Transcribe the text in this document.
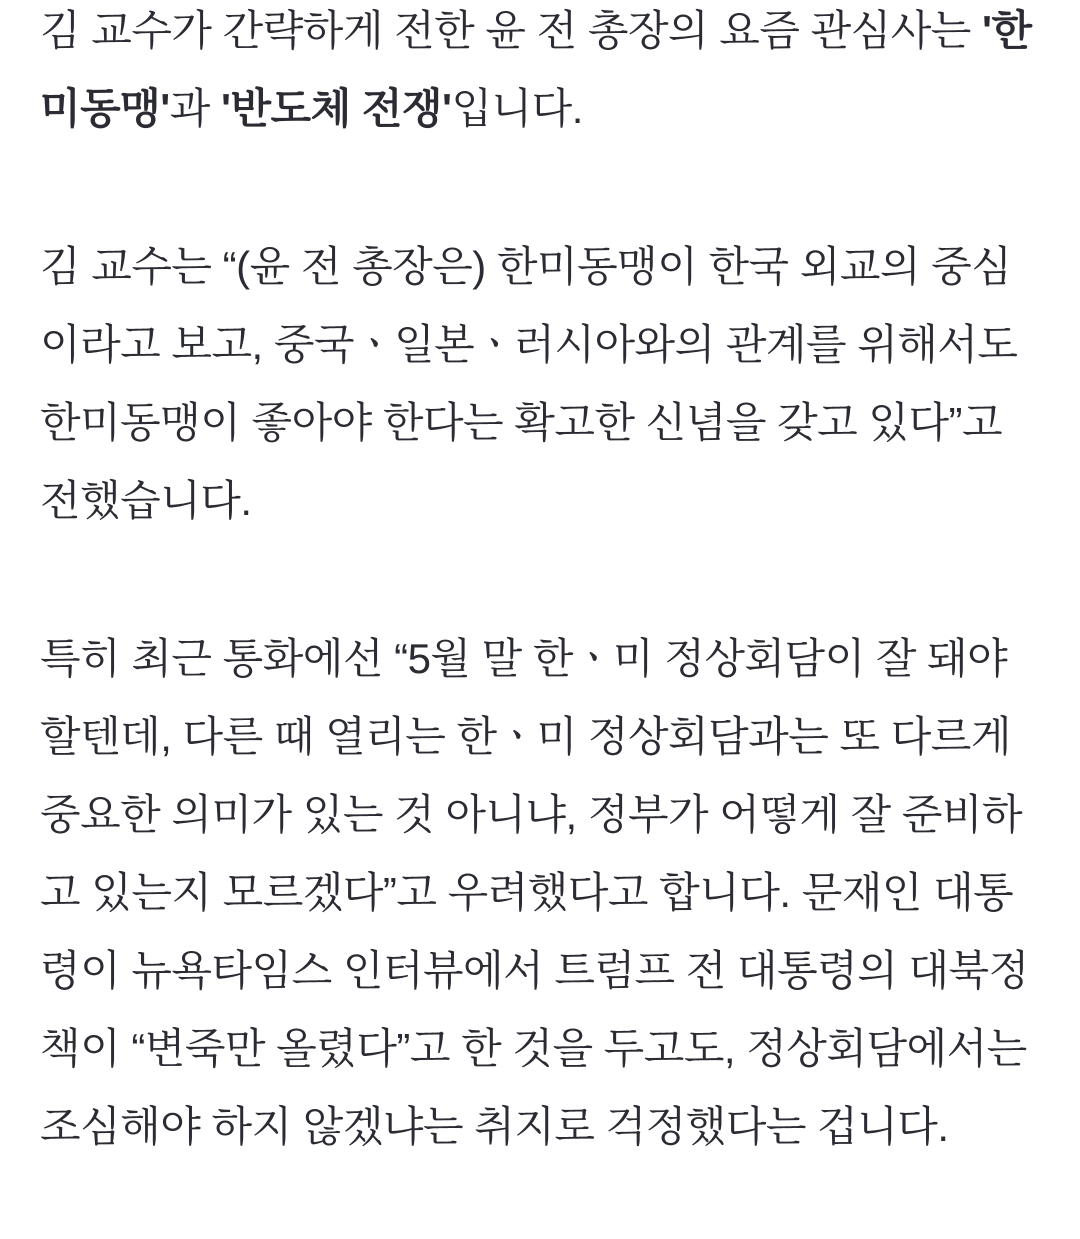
김 교수가 간략하게 전한 윤 전 총장의 요즘 관심사는 '한미동맹'과 '반도체 전쟁'입니다.

김 교수는 “(윤 전 총장은) 한미동맹이 한국 외교의 중심이라고 보고, 중국ㆍ일본ㆍ러시아와의 관계를 위해서도 한미동맹이 좋아야 한다는 확고한 신념을 갖고 있다”고 전했습니다.

특히 최근 통화에선 “5월 말 한ㆍ미 정상회담이 잘 돼야 할텐데, 다른 때 열리는 한ㆍ미 정상회담과는 또 다르게 중요한 의미가 있는 것 아니냐, 정부가 어떻게 잘 준비하고 있는지 모르겠다”고 우려했다고 합니다. 문재인 대통령이 뉴욕타임스 인터뷰에서 트럼프 전 대통령의 대북정책이 “변죽만 올렸다”고 한 것을 두고도, 정상회담에서는 조심해야 하지 않겠냐는 취지로 걱정했다는 겁니다.
